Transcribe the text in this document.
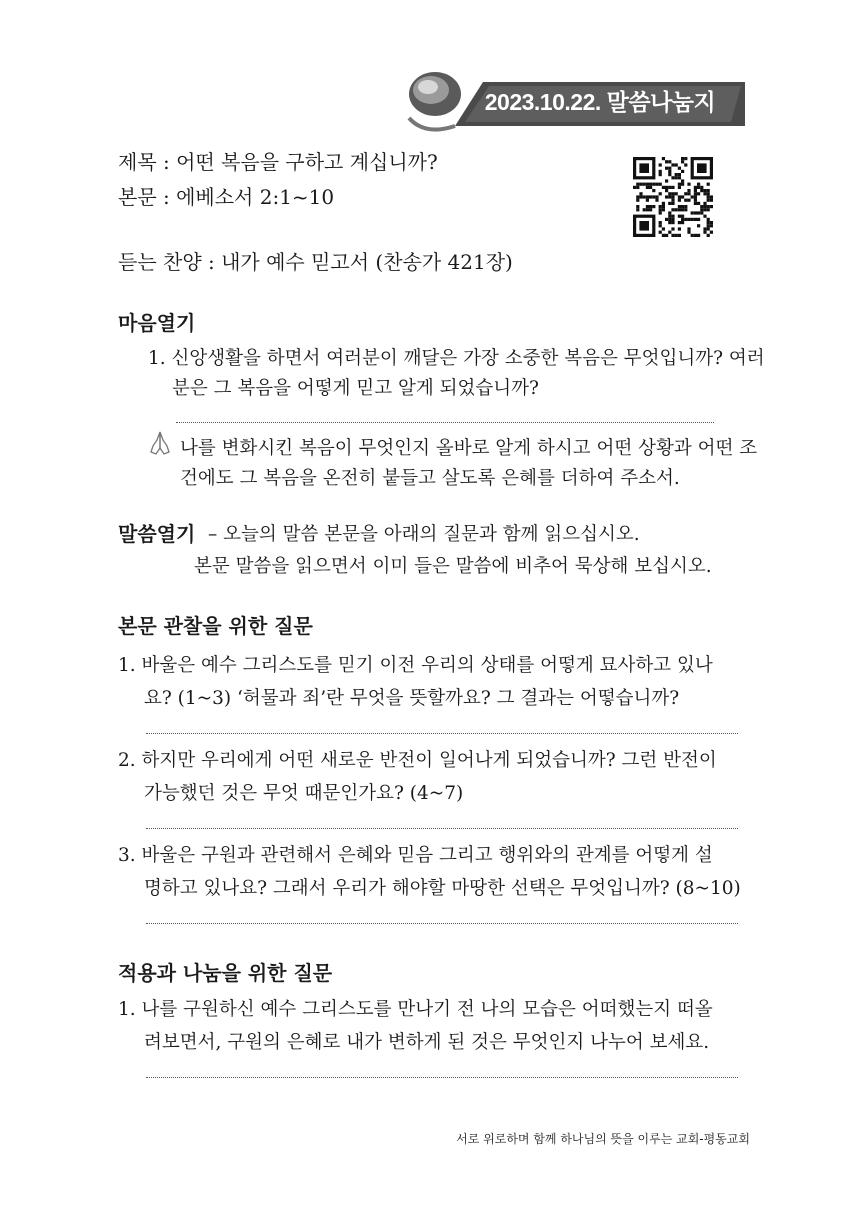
2023.10.22. 말씀나눔지
제목 : 어떤 복음을 구하고 계십니까?
본문 : 에베소서 2:1~10
듣는 찬양 : 내가 예수 믿고서 (찬송가 421장)
마음열기
1. 신앙생활을 하면서 여러분이 깨달은 가장 소중한 복음은 무엇입니까? 여러
분은 그 복음을 어떻게 믿고 알게 되었습니까?
나를 변화시킨 복음이 무엇인지 올바로 알게 하시고 어떤 상황과 어떤 조
건에도 그 복음을 온전히 붙들고 살도록 은혜를 더하여 주소서.
말씀열기 – 오늘의 말씀 본문을 아래의 질문과 함께 읽으십시오.
본문 말씀을 읽으면서 이미 들은 말씀에 비추어 묵상해 보십시오.
본문 관찰을 위한 질문
1. 바울은 예수 그리스도를 믿기 이전 우리의 상태를 어떻게 묘사하고 있나
요? (1~3) ‘허물과 죄’란 무엇을 뜻할까요? 그 결과는 어떻습니까?
2. 하지만 우리에게 어떤 새로운 반전이 일어나게 되었습니까? 그런 반전이
가능했던 것은 무엇 때문인가요? (4~7)
3. 바울은 구원과 관련해서 은혜와 믿음 그리고 행위와의 관계를 어떻게 설
명하고 있나요? 그래서 우리가 해야할 마땅한 선택은 무엇입니까? (8~10)
적용과 나눔을 위한 질문
1. 나를 구원하신 예수 그리스도를 만나기 전 나의 모습은 어떠했는지 떠올
려보면서, 구원의 은혜로 내가 변하게 된 것은 무엇인지 나누어 보세요.
서로 위로하며 함께 하나님의 뜻을 이루는 교회-평동교회
